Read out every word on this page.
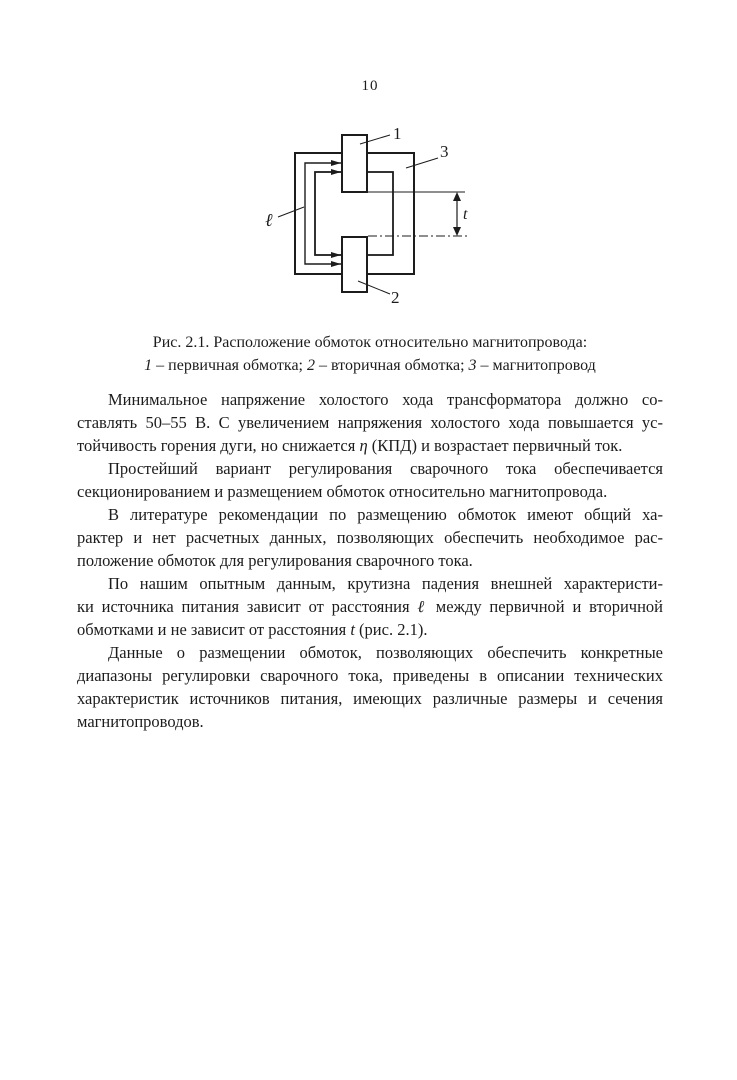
10
1
3
2
ℓ	t
Рис. 2.1. Расположение обмоток относительно магнитопровода:
1 – первичная обмотка; 2 – вторичная обмотка; 3 – магнитопровод
Минимальное напряжение холостого хода трансформатора должно со-
ставлять 50–55 В. С увеличением напряжения холостого хода повышается ус-
тойчивость горения дуги, но снижается η (КПД) и возрастает первичный ток.
Простейший вариант регулирования сварочного тока обеспечивается
секционированием и размещением обмоток относительно магнитопровода.
В литературе рекомендации по размещению обмоток имеют общий ха-
рактер и нет расчетных данных, позволяющих обеспечить необходимое рас-
положение обмоток для регулирования сварочного тока.
По нашим опытным данным, крутизна падения внешней характеристи-
ки источника питания зависит от расстояния ℓ между первичной и вторичной
обмотками и не зависит от расстояния t (рис. 2.1).
Данные о размещении обмоток, позволяющих обеспечить конкретные
диапазоны регулировки сварочного тока, приведены в описании технических
характеристик источников питания, имеющих различные размеры и сечения
магнитопроводов.
